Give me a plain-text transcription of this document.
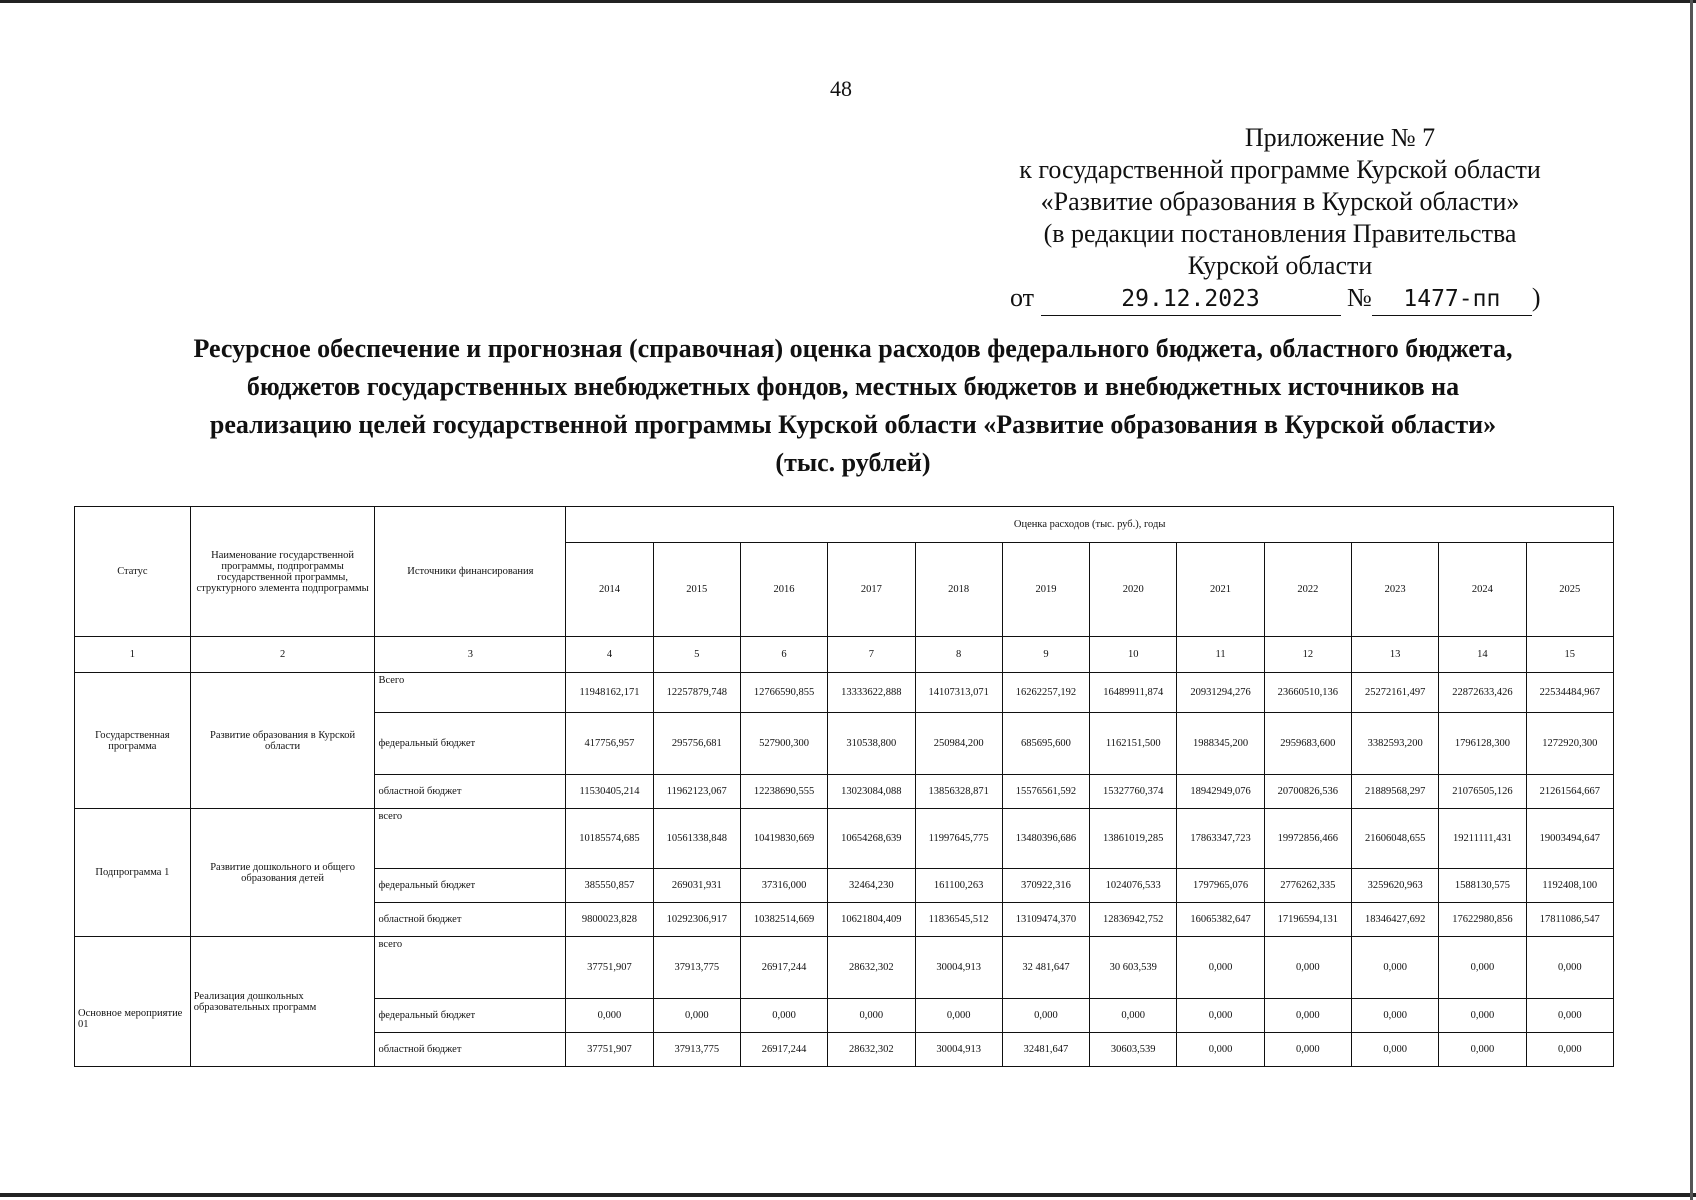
48
Приложение № 7
к государственной программе Курской области
«Развитие образования в Курской области»
(в редакции постановления Правительства
Курской области
от	29.12.2023	№ 1477-пп )
Ресурсное обеспечение и прогнозная (справочная) оценка расходов федерального бюджета, областного бюджета,
бюджетов государственных внебюджетных фондов, местных бюджетов и внебюджетных источников на
реализацию целей государственной программы Курской области «Развитие образования в Курской области»
(тыс. рублей)
Статус	Наименование государственной программы, подпрограммы государственной программы, структурного элемента подпрограммы	Источники финансирования	Оценка расходов (тыс. руб.), годы											
			2014	2015	2016	2017	2018	2019	2020	2021	2022	2023	2024	2025
1	2	3	4	5	6	7	8	9	10	11	12	13	14	15
Государственная программа	Развитие образования в Курской области	Всего	11948162,171	12257879,748	12766590,855	13333622,888	14107313,071	16262257,192	16489911,874	20931294,276	23660510,136	25272161,497	22872633,426	22534484,967
		федеральный бюджет	417756,957	295756,681	527900,300	310538,800	250984,200	685695,600	1162151,500	1988345,200	2959683,600	3382593,200	1796128,300	1272920,300
		областной бюджет	11530405,214	11962123,067	12238690,555	13023084,088	13856328,871	15576561,592	15327760,374	18942949,076	20700826,536	21889568,297	21076505,126	21261564,667
Подпрограмма 1	Развитие дошкольного и общего образования детей	всего	10185574,685	10561338,848	10419830,669	10654268,639	11997645,775	13480396,686	13861019,285	17863347,723	19972856,466	21606048,655	19211111,431	19003494,647
		федеральный бюджет	385550,857	269031,931	37316,000	32464,230	161100,263	370922,316	1024076,533	1797965,076	2776262,335	3259620,963	1588130,575	1192408,100
		областной бюджет	9800023,828	10292306,917	10382514,669	10621804,409	11836545,512	13109474,370	12836942,752	16065382,647	17196594,131	18346427,692	17622980,856	17811086,547
Основное мероприятие 01	Реализация дошкольных образовательных программ	всего	37751,907	37913,775	26917,244	28632,302	30004,913	32 481,647	30 603,539	0,000	0,000	0,000	0,000	0,000
		федеральный бюджет	0,000	0,000	0,000	0,000	0,000	0,000	0,000	0,000	0,000	0,000	0,000	0,000
		областной бюджет	37751,907	37913,775	26917,244	28632,302	30004,913	32481,647	30603,539	0,000	0,000	0,000	0,000	0,000
